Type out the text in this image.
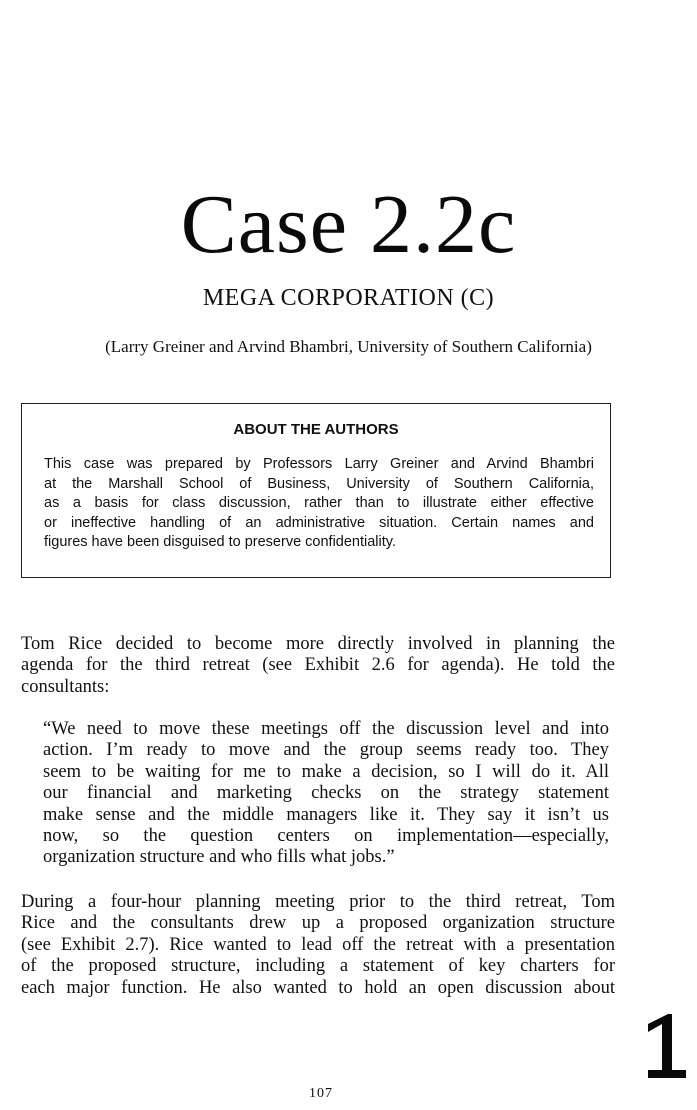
Case 2.2c
MEGA CORPORATION (C)
(Larry Greiner and Arvind Bhambri, University of Southern California)
ABOUT THE AUTHORS
This case was prepared by Professors Larry Greiner and Arvind Bhambri
at the Marshall School of Business, University of Southern California,
as a basis for class discussion, rather than to illustrate either effective
or ineffective handling of an administrative situation. Certain names and
figures have been disguised to preserve confidentiality.
Tom Rice decided to become more directly involved in planning the
agenda for the third retreat (see Exhibit 2.6 for agenda). He told the
consultants:
“We need to move these meetings off the discussion level and into
action. I’m ready to move and the group seems ready too. They
seem to be waiting for me to make a decision, so I will do it. All
our financial and marketing checks on the strategy statement
make sense and the middle managers like it. They say it isn’t us
now, so the question centers on implementation—especially,
organization structure and who fills what jobs.”
During a four-hour planning meeting prior to the third retreat, Tom
Rice and the consultants drew up a proposed organization structure
(see Exhibit 2.7). Rice wanted to lead off the retreat with a presentation
of the proposed structure, including a statement of key charters for
each major function. He also wanted to hold an open discussion about
107
